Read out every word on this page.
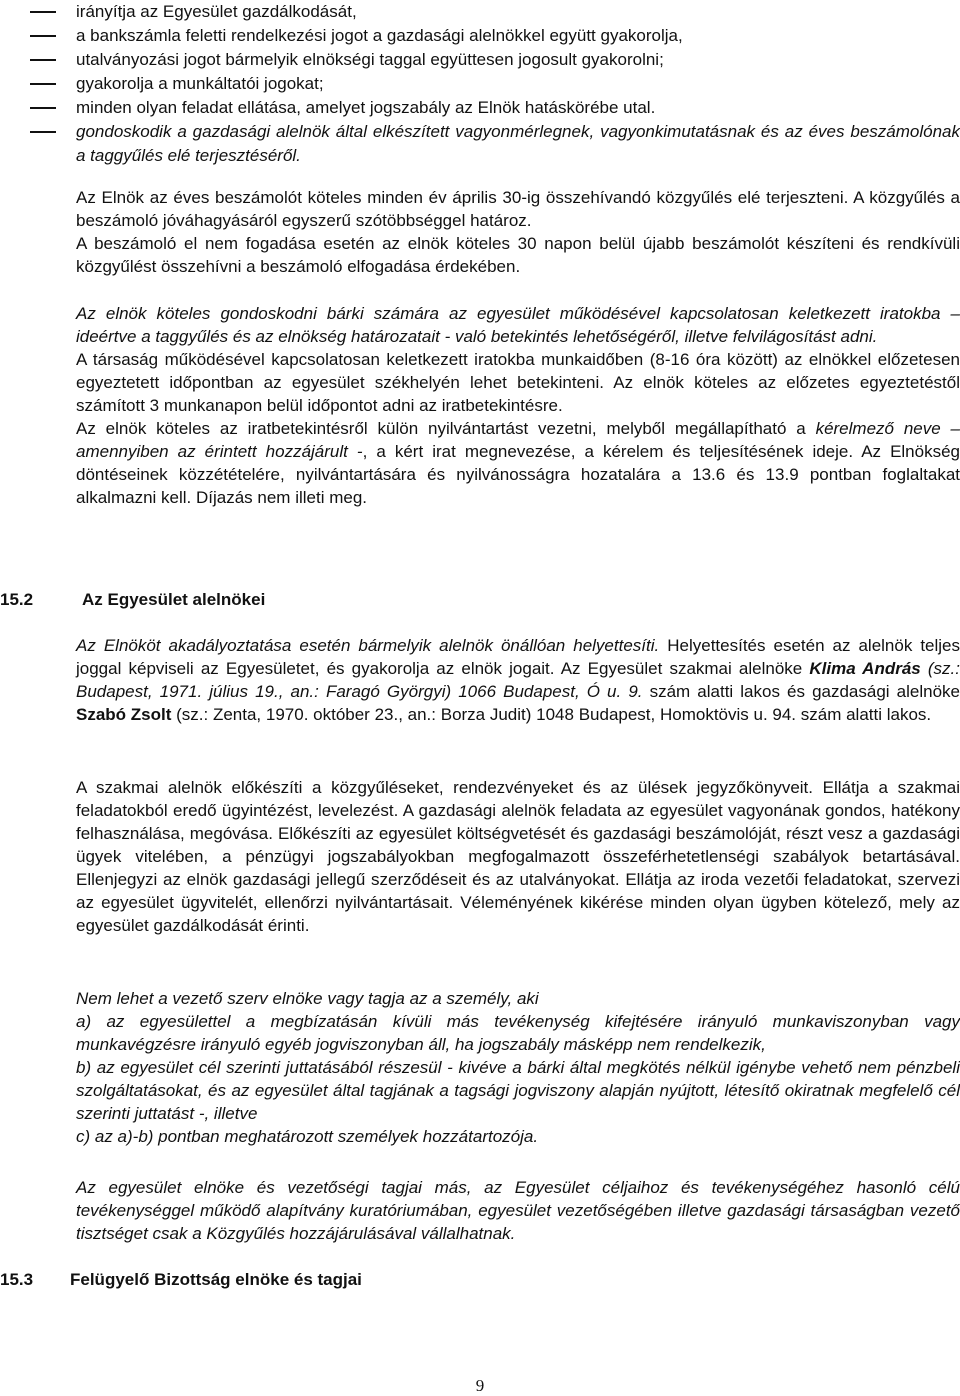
irányítja az Egyesület gazdálkodását,
a bankszámla feletti rendelkezési jogot a gazdasági alelnökkel együtt gyakorolja,
utalványozási jogot bármelyik elnökségi taggal együttesen jogosult gyakorolni;
gyakorolja a munkáltatói jogokat;
minden olyan feladat ellátása, amelyet jogszabály az Elnök hatáskörébe utal.
gondoskodik a gazdasági alelnök által elkészített vagyonmérlegnek, vagyonkimutatásnak és az éves beszámolónak a taggyűlés elé terjesztéséről.

Az Elnök az éves beszámolót köteles minden év április 30-ig összehívandó közgyűlés elé terjeszteni. A közgyűlés a beszámoló jóváhagyásáról egyszerű szótöbbséggel határoz.

A beszámoló el nem fogadása esetén az elnök köteles 30 napon belül újabb beszámolót készíteni és rendkívüli közgyűlést összehívni a beszámoló elfogadása érdekében.

Az elnök köteles gondoskodni bárki számára az egyesület működésével kapcsolatosan keletkezett iratokba – ideértve a taggyűlés és az elnökség határozatait - való betekintés lehetőségéről, illetve felvilágosítást adni.

A társaság működésével kapcsolatosan keletkezett iratokba munkaidőben (8-16 óra között) az elnökkel előzetesen egyeztetett időpontban az egyesület székhelyén lehet betekinteni. Az elnök köteles az előzetes egyeztetéstől számított 3 munkanapon belül időpontot adni az iratbetekintésre.

Az elnök köteles az iratbetekintésről külön nyilvántartást vezetni, melyből megállapítható a kérelmező neve – amennyiben az érintett hozzájárult -, a kért irat megnevezése, a kérelem és teljesítésének ideje. Az Elnökség döntéseinek közzétételére, nyilvántartására és nyilvánosságra hozatalára a 13.6 és 13.9 pontban foglaltakat alkalmazni kell. Díjazás nem illeti meg.

15.2	Az Egyesület alelnökei

Az Elnököt akadályoztatása esetén bármelyik alelnök önállóan helyettesíti. Helyettesítés esetén az alelnök teljes joggal képviseli az Egyesületet, és gyakorolja az elnök jogait. Az Egyesület szakmai alelnöke Klima András (sz.: Budapest, 1971. július 19., an.: Faragó Györgyi) 1066 Budapest, Ó u. 9. szám alatti lakos és gazdasági alelnöke Szabó Zsolt (sz.: Zenta, 1970. október 23., an.: Borza Judit) 1048 Budapest, Homoktövis u. 94. szám alatti lakos.

A szakmai alelnök előkészíti a közgyűléseket, rendezvényeket és az ülések jegyzőkönyveit. Ellátja a szakmai feladatokból eredő ügyintézést, levelezést. A gazdasági alelnök feladata az egyesület vagyonának gondos, hatékony felhasználása, megóvása. Előkészíti az egyesület költségvetését és gazdasági beszámolóját, részt vesz a gazdasági ügyek vitelében, a pénzügyi jogszabályokban megfogalmazott összeférhetetlenségi szabályok betartásával. Ellenjegyzi az elnök gazdasági jellegű szerződéseit és az utalványokat. Ellátja az iroda vezetői feladatokat, szervezi az egyesület ügyvitelét, ellenőrzi nyilvántartásait. Véleményének kikérése minden olyan ügyben kötelező, mely az egyesület gazdálkodását érinti.

Nem lehet a vezető szerv elnöke vagy tagja az a személy, aki

a) az egyesülettel a megbízatásán kívüli más tevékenység kifejtésére irányuló munkaviszonyban vagy munkavégzésre irányuló egyéb jogviszonyban áll, ha jogszabály másképp nem rendelkezik,

b) az egyesület cél szerinti juttatásából részesül - kivéve a bárki által megkötés nélkül igénybe vehető nem pénzbeli szolgáltatásokat, és az egyesület által tagjának a tagsági jogviszony alapján nyújtott, létesítő okiratnak megfelelő cél szerinti juttatást -, illetve

c) az a)-b) pontban meghatározott személyek hozzátartozója.

Az egyesület elnöke és vezetőségi tagjai más, az Egyesület céljaihoz és tevékenységéhez hasonló célú tevékenységgel működő alapítvány kuratóriumában, egyesület vezetőségében illetve gazdasági társaságban vezető tisztséget csak a Közgyűlés hozzájárulásával vállalhatnak.

15.3 Felügyelő Bizottság elnöke és tagjai
9
